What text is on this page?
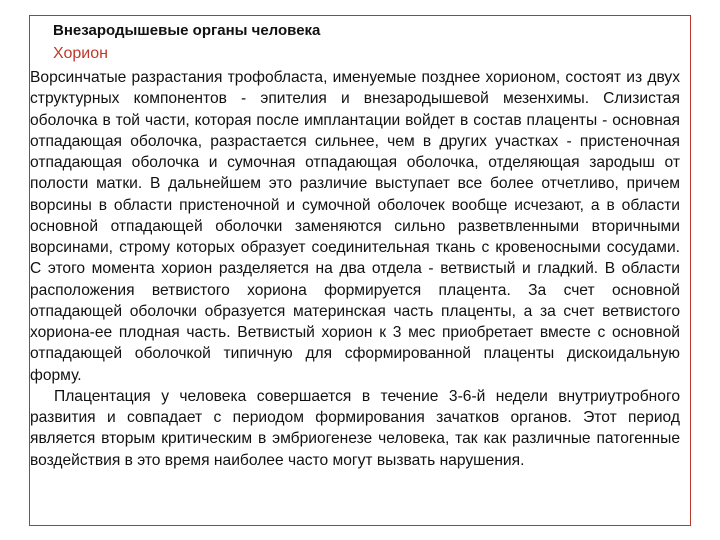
Внезародышевые органы человека
Хорион

Ворсинчатые разрастания трофобласта, именуемые позднее хорионом, состоят из двух структурных компонентов - эпителия и внезародышевой мезенхимы. Слизистая оболочка в той части, которая после имплантации войдет в состав плаценты - основная отпадающая оболочка, разрастается сильнее, чем в других участках - пристеночная отпадающая оболочка и сумочная отпадающая оболочка, отделяющая зародыш от полости матки. В дальнейшем это различие выступает все более отчетливо, причем ворсины в области пристеночной и сумочной оболочек вообще исчезают, а в области основной отпадающей оболочки заменяются сильно разветвленными вторичными ворсинами, строму которых образует соединительная ткань с кровеносными сосудами. С этого момента хорион разделяется на два отдела - ветвистый и гладкий. В области расположения ветвистого хориона формируется плацента. За счет основной отпадающей оболочки образуется материнская часть плаценты, а за счет ветвистого хориона-ее плодная часть. Ветвистый хорион к 3 мес приобретает вместе с основной отпадающей оболочкой типичную для сформированной плаценты дискоидальную форму.

Плацентация у человека совершается в течение 3-6-й недели внутриутробного развития и совпадает с периодом формирования зачатков органов. Этот период является вторым критическим в эмбриогенезе человека, так как различные патогенные воздействия в это время наиболее часто могут вызвать нарушения.
